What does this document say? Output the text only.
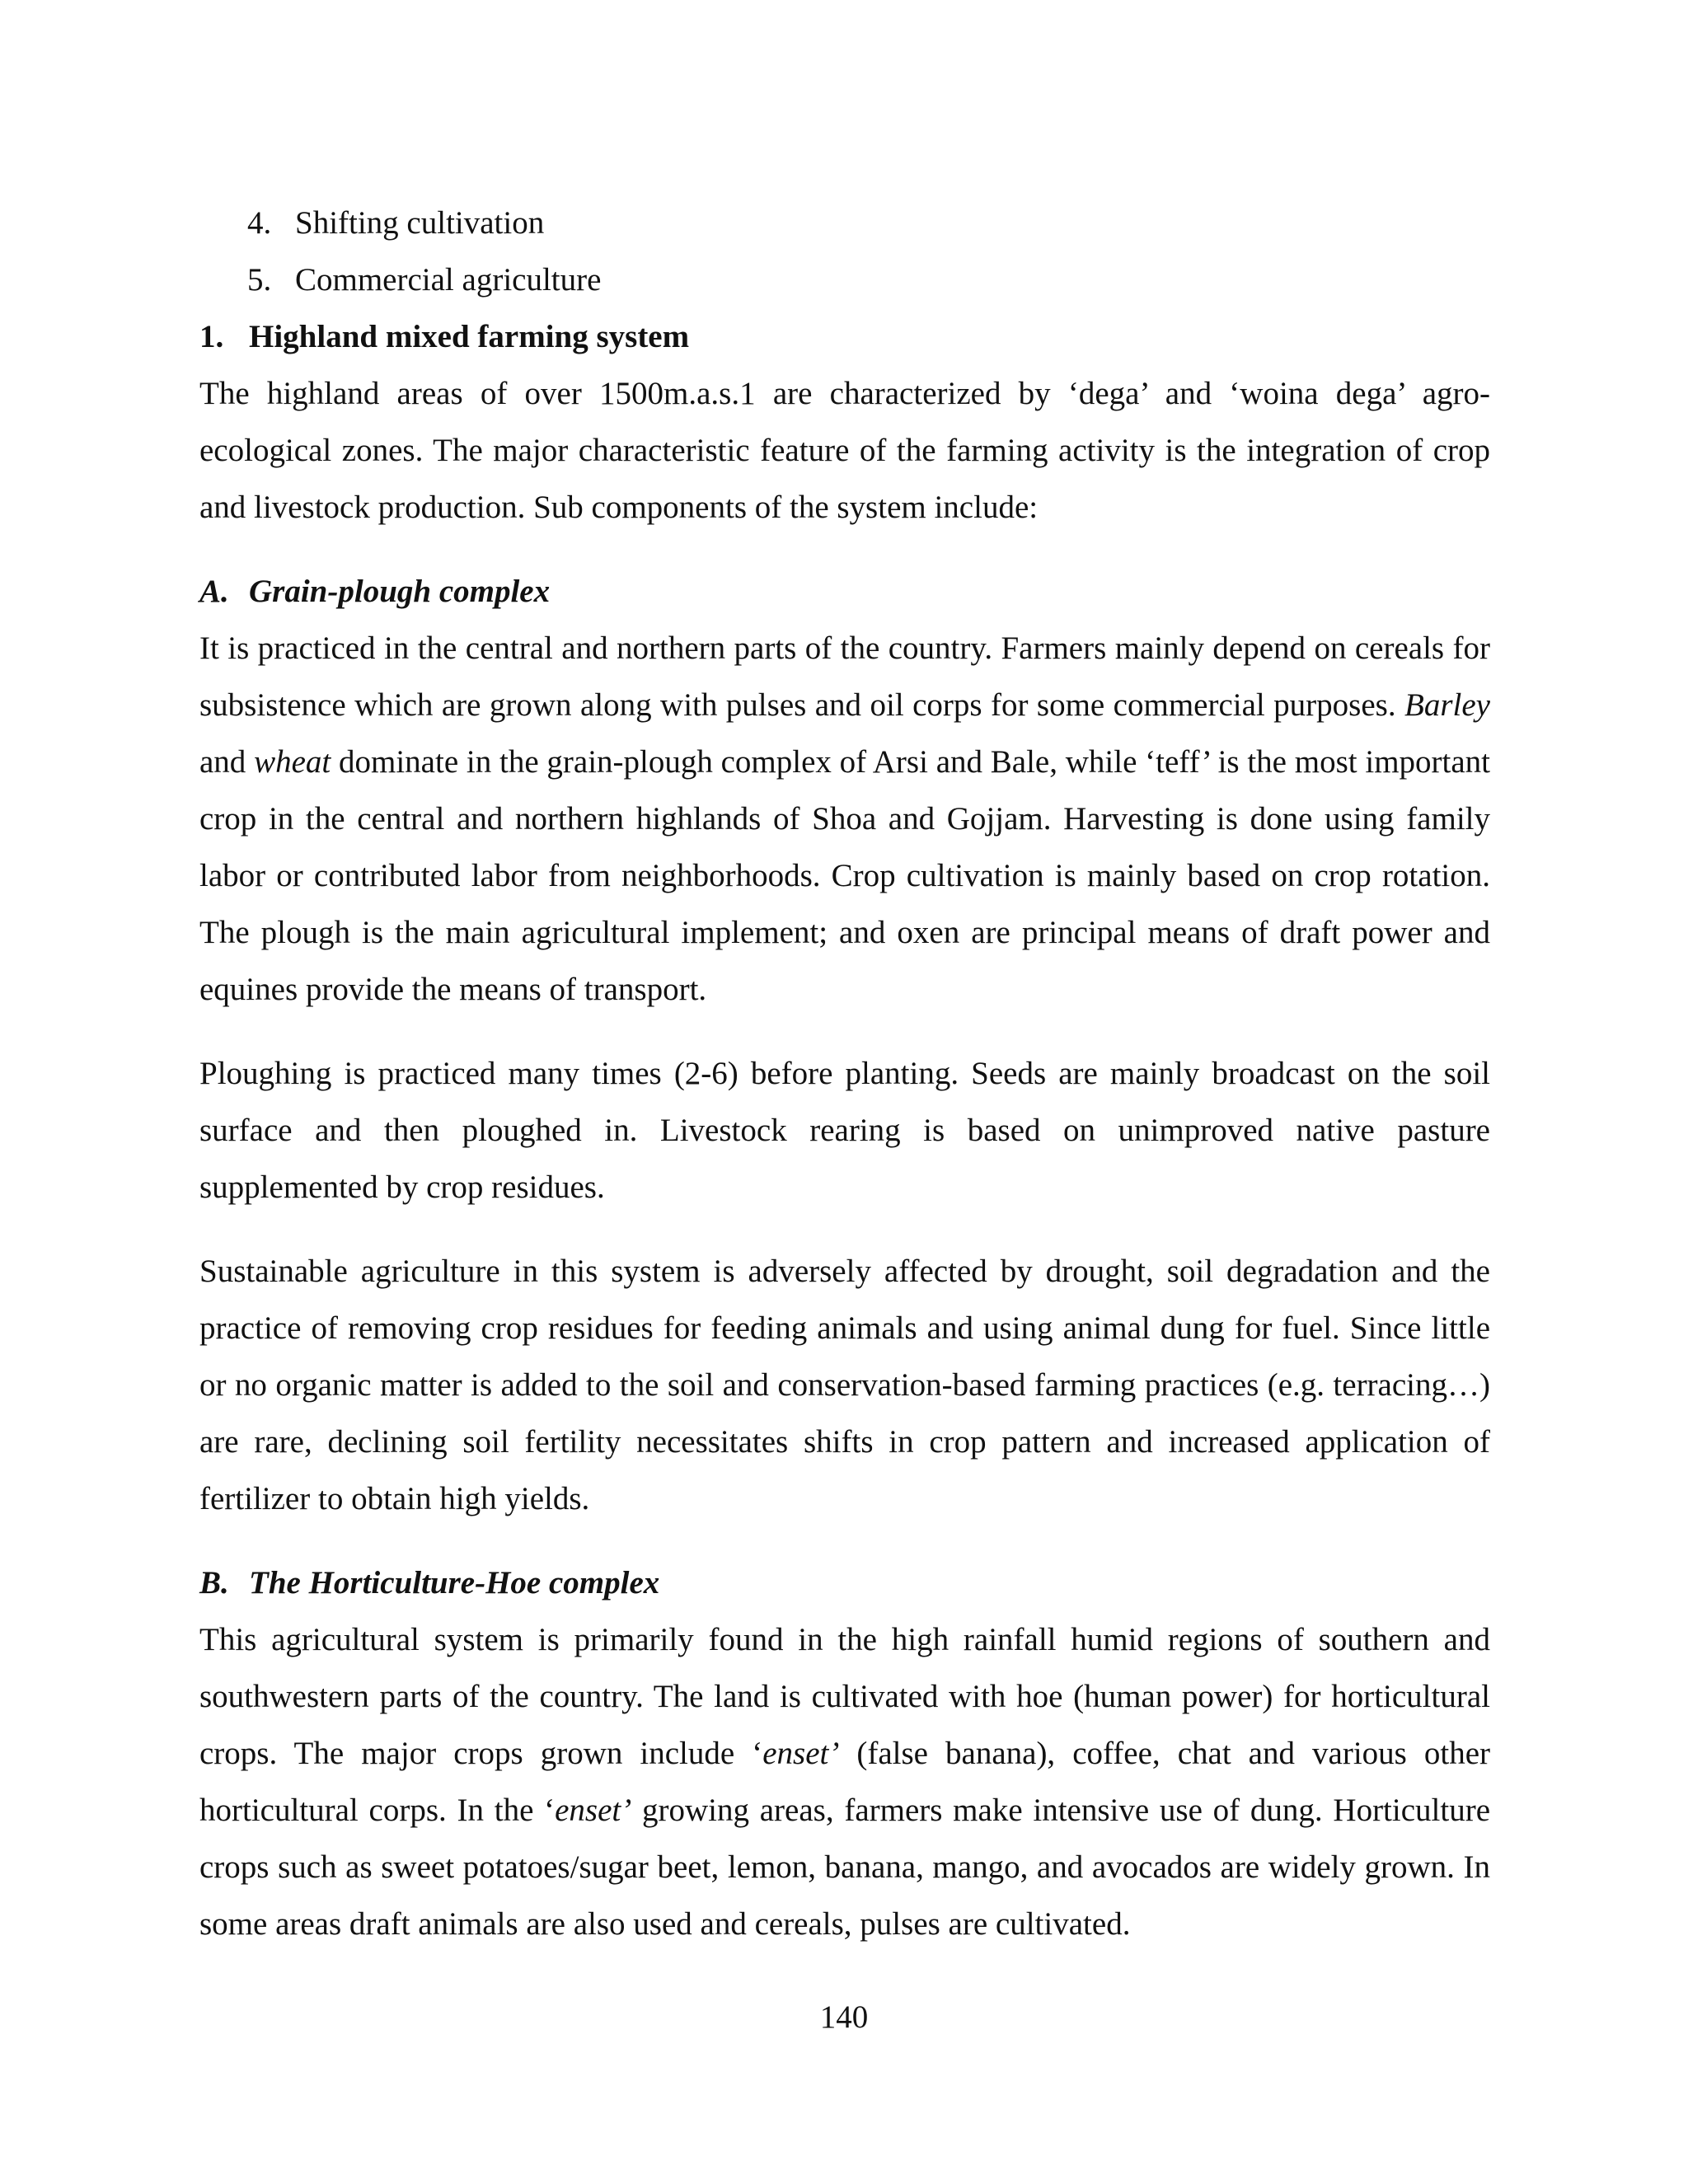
4. Shifting cultivation
5. Commercial agriculture
1. Highland mixed farming system

The highland areas of over 1500m.a.s.1 are characterized by ‘dega’ and ‘woina dega’ agro-ecological zones. The major characteristic feature of the farming activity is the integration of crop and livestock production. Sub components of the system include:

A. Grain-plough complex

It is practiced in the central and northern parts of the country. Farmers mainly depend on cereals for subsistence which are grown along with pulses and oil corps for some commercial purposes. Barley and wheat dominate in the grain-plough complex of Arsi and Bale, while ‘teff’ is the most important crop in the central and northern highlands of Shoa and Gojjam. Harvesting is done using family labor or contributed labor from neighborhoods. Crop cultivation is mainly based on crop rotation. The plough is the main agricultural implement; and oxen are principal means of draft power and equines provide the means of transport.

Ploughing is practiced many times (2-6) before planting. Seeds are mainly broadcast on the soil surface and then ploughed in. Livestock rearing is based on unimproved native pasture supplemented by crop residues.

Sustainable agriculture in this system is adversely affected by drought, soil degradation and the practice of removing crop residues for feeding animals and using animal dung for fuel. Since little or no organic matter is added to the soil and conservation-based farming practices (e.g. terracing…) are rare, declining soil fertility necessitates shifts in crop pattern and increased application of fertilizer to obtain high yields.

B. The Horticulture-Hoe complex

This agricultural system is primarily found in the high rainfall humid regions of southern and southwestern parts of the country. The land is cultivated with hoe (human power) for horticultural crops. The major crops grown include ‘enset’ (false banana), coffee, chat and various other horticultural corps. In the ‘enset’ growing areas, farmers make intensive use of dung. Horticulture crops such as sweet potatoes/sugar beet, lemon, banana, mango, and avocados are widely grown. In some areas draft animals are also used and cereals, pulses are cultivated.

140
